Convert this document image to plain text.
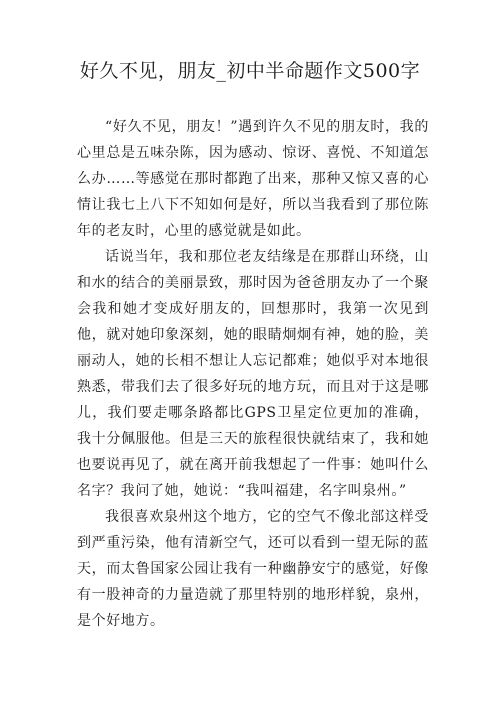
好久不见，朋友_初中半命题作文500字

“好久不见，朋友！”遇到许久不见的朋友时，我的心里总是五味杂陈，因为感动、惊讶、喜悦、不知道怎么办……等感觉在那时都跑了出来，那种又惊又喜的心情让我七上八下不知如何是好，所以当我看到了那位陈年的老友时，心里的感觉就是如此。

话说当年，我和那位老友结缘是在那群山环绕，山和水的结合的美丽景致，那时因为爸爸朋友办了一个聚会我和她才变成好朋友的，回想那时，我第一次见到他，就对她印象深刻，她的眼睛炯炯有神，她的脸，美丽动人，她的长相不想让人忘记都难；她似乎对本地很熟悉，带我们去了很多好玩的地方玩，而且对于这是哪儿，我们要走哪条路都比GPS卫星定位更加的准确，我十分佩服他。但是三天的旅程很快就结束了，我和她也要说再见了，就在离开前我想起了一件事：她叫什么名字？我问了她，她说：“我叫福建，名字叫泉州。”

我很喜欢泉州这个地方，它的空气不像北部这样受到严重污染，他有清新空气，还可以看到一望无际的蓝天，而太鲁国家公园让我有一种幽静安宁的感觉，好像有一股神奇的力量造就了那里特别的地形样貌，泉州，是个好地方。
